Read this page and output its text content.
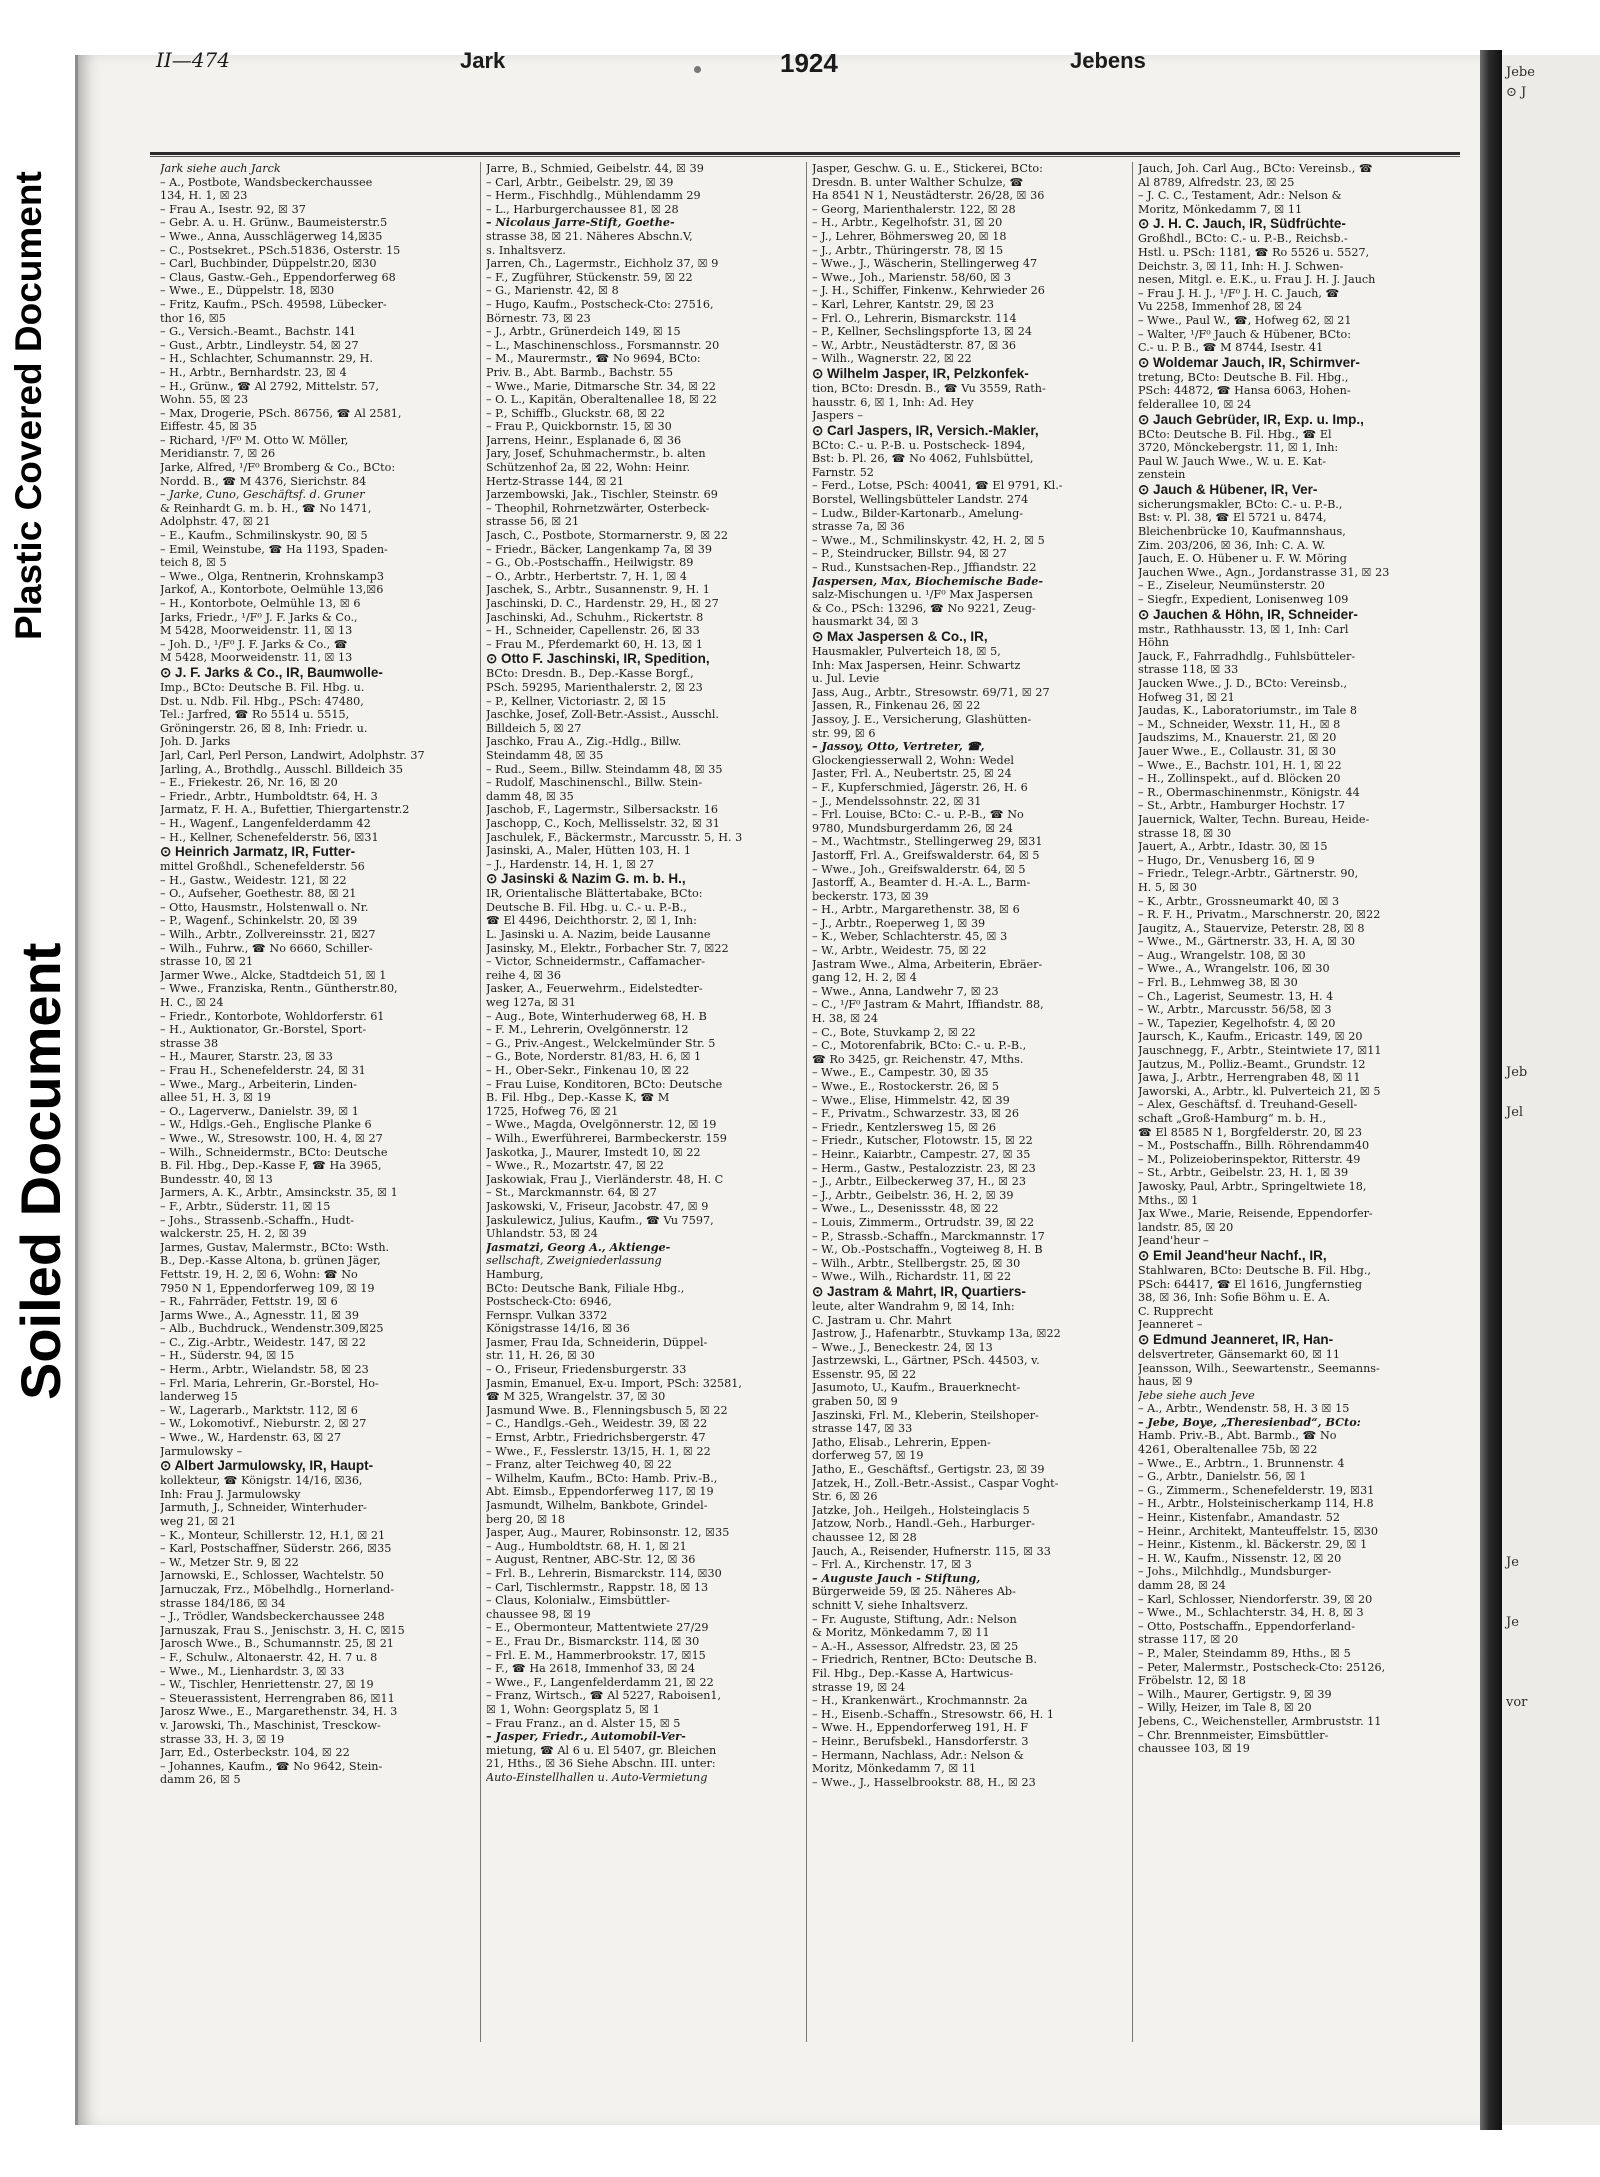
Plastic Covered Document
Soiled Document
Jebe
⊙ J
Jeb
Jel
Je
Je
vor
II—474	Jark	1924	Jebens
Jark siehe auch Jarck
– A., Postbote, Wandsbeckerchaussee
134, H. 1, ☒ 23
– Frau A., Isestr. 92, ☒ 37
– Gebr. A. u. H. Grünw., Baumeisterstr.5
– Wwe., Anna, Ausschlägerweg 14,☒35
– C., Postsekret., PSch.51836, Osterstr. 15
– Carl, Buchbinder, Düppelstr.20, ☒30
– Claus, Gastw.-Geh., Eppendorferweg 68
– Wwe., E., Düppelstr. 18, ☒30
– Fritz, Kaufm., PSch. 49598, Lübecker-
thor 16, ☒5
– G., Versich.-Beamt., Bachstr. 141
– Gust., Arbtr., Lindleystr. 54, ☒ 27
– H., Schlachter, Schumannstr. 29, H.
– H., Arbtr., Bernhardstr. 23, ☒ 4
– H., Grünw., ☎ Al 2792, Mittelstr. 57,
Wohn. 55, ☒ 23
– Max, Drogerie, PSch. 86756, ☎ Al 2581,
Eiffestr. 45, ☒ 35
– Richard, ¹/F⁰ M. Otto W. Möller,
Meridianstr. 7, ☒ 26
Jarke, Alfred, ¹/F⁰ Bromberg & Co., BCto:
Nordd. B., ☎ M 4376, Sierichstr. 84
– Jarke, Cuno, Geschäftsf. d. Gruner
& Reinhardt G. m. b. H., ☎ No 1471,
Adolphstr. 47, ☒ 21
– E., Kaufm., Schmilinskystr. 90, ☒ 5
– Emil, Weinstube, ☎ Ha 1193, Spaden-
teich 8, ☒ 5
– Wwe., Olga, Rentnerin, Krohnskamp3
Jarkof, A., Kontorbote, Oelmühle 13,☒6
– H., Kontorbote, Oelmühle 13, ☒ 6
Jarks, Friedr., ¹/F⁰ J. F. Jarks & Co.,
M 5428, Moorweidenstr. 11, ☒ 13
– Joh. D., ¹/F⁰ J. F. Jarks & Co., ☎
M 5428, Moorweidenstr. 11, ☒ 13
⊙ J. F. Jarks & Co., IR, Baumwolle-
Imp., BCto: Deutsche B. Fil. Hbg. u.
Dst. u. Ndb. Fil. Hbg., PSch: 47480,
Tel.: Jarfred, ☎ Ro 5514 u. 5515,
Gröningerstr. 26, ☒ 8, Inh: Friedr. u.
Joh. D. Jarks
Jarl, Carl, Perl Person, Landwirt, Adolphstr. 37
Jarling, A., Brothdlg., Ausschl. Billdeich 35
– E., Friekestr. 26, Nr. 16, ☒ 20
– Friedr., Arbtr., Humboldtstr. 64, H. 3
Jarmatz, F. H. A., Bufettier, Thiergartenstr.2
– H., Wagenf., Langenfelderdamm 42
– H., Kellner, Schenefelderstr. 56, ☒31
⊙ Heinrich Jarmatz, IR, Futter-
mittel Großhdl., Schenefelderstr. 56
– H., Gastw., Weidestr. 121, ☒ 22
– O., Aufseher, Goethestr. 88, ☒ 21
– Otto, Hausmstr., Holstenwall o. Nr.
– P., Wagenf., Schinkelstr. 20, ☒ 39
– Wilh., Arbtr., Zollvereinsstr. 21, ☒27
– Wilh., Fuhrw., ☎ No 6660, Schiller-
strasse 10, ☒ 21
Jarmer Wwe., Alcke, Stadtdeich 51, ☒ 1
– Wwe., Franziska, Rentn., Güntherstr.80,
H. C., ☒ 24
– Friedr., Kontorbote, Wohldorferstr. 61
– H., Auktionator, Gr.-Borstel, Sport-
strasse 38
– H., Maurer, Starstr. 23, ☒ 33
– Frau H., Schenefelderstr. 24, ☒ 31
– Wwe., Marg., Arbeiterin, Linden-
allee 51, H. 3, ☒ 19
– O., Lagerverw., Danielstr. 39, ☒ 1
– W., Hdlgs.-Geh., Englische Planke 6
– Wwe., W., Stresowstr. 100, H. 4, ☒ 27
– Wilh., Schneidermstr., BCto: Deutsche
B. Fil. Hbg., Dep.-Kasse F, ☎ Ha 3965,
Bundesstr. 40, ☒ 13
Jarmers, A. K., Arbtr., Amsinckstr. 35, ☒ 1
– F., Arbtr., Süderstr. 11, ☒ 15
– Johs., Strassenb.-Schaffn., Hudt-
walckerstr. 25, H. 2, ☒ 39
Jarmes, Gustav, Malermstr., BCto: Wsth.
B., Dep.-Kasse Altona, b. grünen Jäger,
Fettstr. 19, H. 2, ☒ 6, Wohn: ☎ No
7950 N 1, Eppendorferweg 109, ☒ 19
– R., Fahrräder, Fettstr. 19, ☒ 6
Jarms Wwe., A., Agnesstr. 11, ☒ 39
– Alb., Buchdruck., Wendenstr.309,☒25
– C., Zig.-Arbtr., Weidestr. 147, ☒ 22
– H., Süderstr. 94, ☒ 15
– Herm., Arbtr., Wielandstr. 58, ☒ 23
– Frl. Maria, Lehrerin, Gr.-Borstel, Ho-
landerweg 15
– W., Lagerarb., Marktstr. 112, ☒ 6
– W., Lokomotivf., Nieburstr. 2, ☒ 27
– Wwe., W., Hardenstr. 63, ☒ 27
Jarmulowsky –
⊙ Albert Jarmulowsky, IR, Haupt-
kollekteur, ☎ Königstr. 14/16, ☒36,
Inh: Frau J. Jarmulowsky
Jarmuth, J., Schneider, Winterhuder-
weg 21, ☒ 21
– K., Monteur, Schillerstr. 12, H.1, ☒ 21
– Karl, Postschaffner, Süderstr. 266, ☒35
– W., Metzer Str. 9, ☒ 22
Jarnowski, E., Schlosser, Wachtelstr. 50
Jarnuczak, Frz., Möbelhdlg., Hornerland-
strasse 184/186, ☒ 34
– J., Trödler, Wandsbeckerchaussee 248
Jarnuszak, Frau S., Jenischstr. 3, H. C, ☒15
Jarosch Wwe., B., Schumannstr. 25, ☒ 21
– F., Schulw., Altonaerstr. 42, H. 7 u. 8
– Wwe., M., Lienhardstr. 3, ☒ 33
– W., Tischler, Henriettenstr. 27, ☒ 19
– Steuerassistent, Herrengraben 86, ☒11
Jarosz Wwe., E., Margarethenstr. 34, H. 3
v. Jarowski, Th., Maschinist, Tresckow-
strasse 33, H. 3, ☒ 19
Jarr, Ed., Osterbeckstr. 104, ☒ 22
– Johannes, Kaufm., ☎ No 9642, Stein-
damm 26, ☒ 5
Jarre, B., Schmied, Geibelstr. 44, ☒ 39
– Carl, Arbtr., Geibelstr. 29, ☒ 39
– Herm., Fischhdlg., Mühlendamm 29
– L., Harburgerchaussee 81, ☒ 28
– Nicolaus Jarre-Stift, Goethe-
strasse 38, ☒ 21. Näheres Abschn.V,
s. Inhaltsverz.
Jarren, Ch., Lagermstr., Eichholz 37, ☒ 9
– F., Zugführer, Stückenstr. 59, ☒ 22
– G., Marienstr. 42, ☒ 8
– Hugo, Kaufm., Postscheck-Cto: 27516,
Börnestr. 73, ☒ 23
– J., Arbtr., Grünerdeich 149, ☒ 15
– L., Maschinenschloss., Forsmannstr. 20
– M., Maurermstr., ☎ No 9694, BCto:
Priv. B., Abt. Barmb., Bachstr. 55
– Wwe., Marie, Ditmarsche Str. 34, ☒ 22
– O. L., Kapitän, Oberaltenallee 18, ☒ 22
– P., Schiffb., Gluckstr. 68, ☒ 22
– Frau P., Quickbornstr. 15, ☒ 30
Jarrens, Heinr., Esplanade 6, ☒ 36
Jary, Josef, Schuhmachermstr., b. alten
Schützenhof 2a, ☒ 22, Wohn: Heinr.
Hertz-Strasse 144, ☒ 21
Jarzembowski, Jak., Tischler, Steinstr. 69
– Theophil, Rohrnetzwärter, Osterbeck-
strasse 56, ☒ 21
Jasch, C., Postbote, Stormarnerstr. 9, ☒ 22
– Friedr., Bäcker, Langenkamp 7a, ☒ 39
– G., Ob.-Postschaffn., Heilwigstr. 89
– O., Arbtr., Herbertstr. 7, H. 1, ☒ 4
Jaschek, S., Arbtr., Susannenstr. 9, H. 1
Jaschinski, D. C., Hardenstr. 29, H., ☒ 27
Jaschinski, Ad., Schuhm., Rickertstr. 8
– H., Schneider, Capellenstr. 26, ☒ 33
– Frau M., Pferdemarkt 60, H. 13, ☒ 1
⊙ Otto F. Jaschinski, IR, Spedition,
BCto: Dresdn. B., Dep.-Kasse Borgf.,
PSch. 59295, Marienthalerstr. 2, ☒ 23
– P., Kellner, Victoriastr. 2, ☒ 15
Jaschke, Josef, Zoll-Betr.-Assist., Ausschl.
Billdeich 5, ☒ 27
Jaschko, Frau A., Zig.-Hdlg., Billw.
Steindamm 48, ☒ 35
– Rud., Seem., Billw. Steindamm 48, ☒ 35
– Rudolf, Maschinenschl., Billw. Stein-
damm 48, ☒ 35
Jaschob, F., Lagermstr., Silbersackstr. 16
Jaschopp, C., Koch, Mellisselstr. 32, ☒ 31
Jaschulek, F., Bäckermstr., Marcusstr. 5, H. 3
Jasinski, A., Maler, Hütten 103, H. 1
– J., Hardenstr. 14, H. 1, ☒ 27
⊙ Jasinski & Nazim G. m. b. H.,
IR, Orientalische Blättertabake, BCto:
Deutsche B. Fil. Hbg. u. C.- u. P.-B.,
☎ El 4496, Deichthorstr. 2, ☒ 1, Inh:
L. Jasinski u. A. Nazim, beide Lausanne
Jasinsky, M., Elektr., Forbacher Str. 7, ☒22
– Victor, Schneidermstr., Caffamacher-
reihe 4, ☒ 36
Jasker, A., Feuerwehrm., Eidelstedter-
weg 127a, ☒ 31
– Aug., Bote, Winterhuderweg 68, H. B
– F. M., Lehrerin, Ovelgönnerstr. 12
– G., Priv.-Angest., Welckelmünder Str. 5
– G., Bote, Norderstr. 81/83, H. 6, ☒ 1
– H., Ober-Sekr., Finkenau 10, ☒ 22
– Frau Luise, Konditoren, BCto: Deutsche
B. Fil. Hbg., Dep.-Kasse K, ☎ M
1725, Hofweg 76, ☒ 21
– Wwe., Magda, Ovelgönnerstr. 12, ☒ 19
– Wilh., Ewerführerei, Barmbeckerstr. 159
Jaskotka, J., Maurer, Imstedt 10, ☒ 22
– Wwe., R., Mozartstr. 47, ☒ 22
Jaskowiak, Frau J., Vierländerstr. 48, H. C
– St., Marckmannstr. 64, ☒ 27
Jaskowski, V., Friseur, Jacobstr. 47, ☒ 9
Jaskulewicz, Julius, Kaufm., ☎ Vu 7597,
Uhlandstr. 53, ☒ 24
Jasmatzi, Georg A., Aktienge-
sellschaft, Zweigniederlassung
Hamburg,
BCto: Deutsche Bank, Filiale Hbg.,
Postscheck-Cto: 6946,
Fernspr. Vulkan 3372
Königstrasse 14/16, ☒ 36
Jasmer, Frau Ida, Schneiderin, Düppel-
str. 11, H. 26, ☒ 30
– O., Friseur, Friedensburgerstr. 33
Jasmin, Emanuel, Ex-u. Import, PSch: 32581,
☎ M 325, Wrangelstr. 37, ☒ 30
Jasmund Wwe. B., Flenningsbusch 5, ☒ 22
– C., Handlgs.-Geh., Weidestr. 39, ☒ 22
– Ernst, Arbtr., Friedrichsbergerstr. 47
– Wwe., F., Fesslerstr. 13/15, H. 1, ☒ 22
– Franz, alter Teichweg 40, ☒ 22
– Wilhelm, Kaufm., BCto: Hamb. Priv.-B.,
Abt. Eimsb., Eppendorferweg 117, ☒ 19
Jasmundt, Wilhelm, Bankbote, Grindel-
berg 20, ☒ 18
Jasper, Aug., Maurer, Robinsonstr. 12, ☒35
– Aug., Humboldtstr. 68, H. 1, ☒ 21
– August, Rentner, ABC-Str. 12, ☒ 36
– Frl. B., Lehrerin, Bismarckstr. 114, ☒30
– Carl, Tischlermstr., Rappstr. 18, ☒ 13
– Claus, Kolonialw., Eimsbüttler-
chaussee 98, ☒ 19
– E., Obermonteur, Mattentwiete 27/29
– E., Frau Dr., Bismarckstr. 114, ☒ 30
– Frl. E. M., Hammerbrookstr. 17, ☒15
– F., ☎ Ha 2618, Immenhof 33, ☒ 24
– Wwe., F., Langenfelderdamm 21, ☒ 22
– Franz, Wirtsch., ☎ Al 5227, Raboisen1,
☒ 1, Wohn: Georgsplatz 5, ☒ 1
– Frau Franz., an d. Alster 15, ☒ 5
– Jasper, Friedr., Automobil-Ver-
mietung, ☎ Al 6 u. El 5407, gr. Bleichen
21, Hths., ☒ 36 Siehe Abschn. III. unter:
Auto-Einstellhallen u. Auto-Vermietung
Jasper, Geschw. G. u. E., Stickerei, BCto:
Dresdn. B. unter Walther Schulze, ☎
Ha 8541 N 1, Neustädterstr. 26/28, ☒ 36
– Georg, Marienthalerstr. 122, ☒ 28
– H., Arbtr., Kegelhofstr. 31, ☒ 20
– J., Lehrer, Böhmersweg 20, ☒ 18
– J., Arbtr., Thüringerstr. 78, ☒ 15
– Wwe., J., Wäscherin, Stellingerweg 47
– Wwe., Joh., Marienstr. 58/60, ☒ 3
– J. H., Schiffer, Finkenw., Kehrwieder 26
– Karl, Lehrer, Kantstr. 29, ☒ 23
– Frl. O., Lehrerin, Bismarckstr. 114
– P., Kellner, Sechslingspforte 13, ☒ 24
– W., Arbtr., Neustädterstr. 87, ☒ 36
– Wilh., Wagnerstr. 22, ☒ 22
⊙ Wilhelm Jasper, IR, Pelzkonfek-
tion, BCto: Dresdn. B., ☎ Vu 3559, Rath-
hausstr. 6, ☒ 1, Inh: Ad. Hey
Jaspers –
⊙ Carl Jaspers, IR, Versich.-Makler,
BCto: C.- u. P.-B. u. Postscheck- 1894,
Bst: b. Pl. 26, ☎ No 4062, Fuhlsbüttel,
Farnstr. 52
– Ferd., Lotse, PSch: 40041, ☎ El 9791, Kl.-
Borstel, Wellingsbütteler Landstr. 274
– Ludw., Bilder-Kartonarb., Amelung-
strasse 7a, ☒ 36
– Wwe., M., Schmilinskystr. 42, H. 2, ☒ 5
– P., Steindrucker, Billstr. 94, ☒ 27
– Rud., Kunstsachen-Rep., Jffiandstr. 22
Jaspersen, Max, Biochemische Bade-
salz-Mischungen u. ¹/F⁰ Max Jaspersen
& Co., PSch: 13296, ☎ No 9221, Zeug-
hausmarkt 34, ☒ 3
⊙ Max Jaspersen & Co., IR,
Hausmakler, Pulverteich 18, ☒ 5,
Inh: Max Jaspersen, Heinr. Schwartz
u. Jul. Levie
Jass, Aug., Arbtr., Stresowstr. 69/71, ☒ 27
Jassen, R., Finkenau 26, ☒ 22
Jassoy, J. E., Versicherung, Glashütten-
str. 99, ☒ 6
– Jassoy, Otto, Vertreter, ☎,
Glockengiesserwall 2, Wohn: Wedel
Jaster, Frl. A., Neubertstr. 25, ☒ 24
– F., Kupferschmied, Jägerstr. 26, H. 6
– J., Mendelssohnstr. 22, ☒ 31
– Frl. Louise, BCto: C.- u. P.-B., ☎ No
9780, Mundsburgerdamm 26, ☒ 24
– M., Wachtmstr., Stellingerweg 29, ☒31
Jastorff, Frl. A., Greifswalderstr. 64, ☒ 5
– Wwe., Joh., Greifswalderstr. 64, ☒ 5
Jastorff, A., Beamter d. H.-A. L., Barm-
beckerstr. 173, ☒ 39
– H., Arbtr., Margarethenstr. 38, ☒ 6
– J., Arbtr., Roeperweg 1, ☒ 39
– K., Weber, Schlachterstr. 45, ☒ 3
– W., Arbtr., Weidestr. 75, ☒ 22
Jastram Wwe., Alma, Arbeiterin, Ebräer-
gang 12, H. 2, ☒ 4
– Wwe., Anna, Landwehr 7, ☒ 23
– C., ¹/F⁰ Jastram & Mahrt, Iffiandstr. 88,
H. 38, ☒ 24
– C., Bote, Stuvkamp 2, ☒ 22
– C., Motorenfabrik, BCto: C.- u. P.-B.,
☎ Ro 3425, gr. Reichenstr. 47, Mths.
– Wwe., E., Campestr. 30, ☒ 35
– Wwe., E., Rostockerstr. 26, ☒ 5
– Wwe., Elise, Himmelstr. 42, ☒ 39
– F., Privatm., Schwarzestr. 33, ☒ 26
– Friedr., Kentzlersweg 15, ☒ 26
– Friedr., Kutscher, Flotowstr. 15, ☒ 22
– Heinr., Kaiarbtr., Campestr. 27, ☒ 35
– Herm., Gastw., Pestalozzistr. 23, ☒ 23
– J., Arbtr., Eilbeckerweg 37, H., ☒ 23
– J., Arbtr., Geibelstr. 36, H. 2, ☒ 39
– Wwe., L., Desenissstr. 48, ☒ 22
– Louis, Zimmerm., Ortrudstr. 39, ☒ 22
– P., Strassb.-Schaffn., Marckmannstr. 17
– W., Ob.-Postschaffn., Vogteiweg 8, H. B
– Wilh., Arbtr., Stellbergstr. 25, ☒ 30
– Wwe., Wilh., Richardstr. 11, ☒ 22
⊙ Jastram & Mahrt, IR, Quartiers-
leute, alter Wandrahm 9, ☒ 14, Inh:
C. Jastram u. Chr. Mahrt
Jastrow, J., Hafenarbtr., Stuvkamp 13a, ☒22
– Wwe., J., Beneckestr. 24, ☒ 13
Jastrzewski, L., Gärtner, PSch. 44503, v.
Essenstr. 95, ☒ 22
Jasumoto, U., Kaufm., Brauerknecht-
graben 50, ☒ 9
Jaszinski, Frl. M., Kleberin, Steilshoper-
strasse 147, ☒ 33
Jatho, Elisab., Lehrerin, Eppen-
dorferweg 57, ☒ 19
Jatho, E., Geschäftsf., Gertigstr. 23, ☒ 39
Jatzek, H., Zoll.-Betr.-Assist., Caspar Voght-
Str. 6, ☒ 26
Jatzke, Joh., Heilgeh., Holsteinglacis 5
Jatzow, Norb., Handl.-Geh., Harburger-
chaussee 12, ☒ 28
Jauch, A., Reisender, Hufnerstr. 115, ☒ 33
– Frl. A., Kirchenstr. 17, ☒ 3
– Auguste Jauch - Stiftung,
Bürgerweide 59, ☒ 25. Näheres Ab-
schnitt V, siehe Inhaltsverz.
– Fr. Auguste, Stiftung, Adr.: Nelson
& Moritz, Mönkedamm 7, ☒ 11
– A.-H., Assessor, Alfredstr. 23, ☒ 25
– Friedrich, Rentner, BCto: Deutsche B.
Fil. Hbg., Dep.-Kasse A, Hartwicus-
strasse 19, ☒ 24
– H., Krankenwärt., Krochmannstr. 2a
– H., Eisenb.-Schaffn., Stresowstr. 66, H. 1
– Wwe. H., Eppendorferweg 191, H. F
– Heinr., Berufsbekl., Hansdorferstr. 3
– Hermann, Nachlass, Adr.: Nelson &
Moritz, Mönkedamm 7, ☒ 11
– Wwe., J., Hasselbrookstr. 88, H., ☒ 23
Jauch, Joh. Carl Aug., BCto: Vereinsb., ☎
Al 8789, Alfredstr. 23, ☒ 25
– J. C. C., Testament, Adr.: Nelson &
Moritz, Mönkedamm 7, ☒ 11
⊙ J. H. C. Jauch, IR, Südfrüchte-
Großhdl., BCto: C.- u. P.-B., Reichsb.-
Hstl. u. PSch: 1181, ☎ Ro 5526 u. 5527,
Deichstr. 3, ☒ 11, Inh: H. J. Schwen-
nesen, Mitgl. e. E.K., u. Frau J. H. J. Jauch
– Frau J. H. J., ¹/F⁰ J. H. C. Jauch, ☎
Vu 2258, Immenhof 28, ☒ 24
– Wwe., Paul W., ☎, Hofweg 62, ☒ 21
– Walter, ¹/F⁰ Jauch & Hübener, BCto:
C.- u. P. B., ☎ M 8744, Isestr. 41
⊙ Woldemar Jauch, IR, Schirmver-
tretung, BCto: Deutsche B. Fil. Hbg.,
PSch: 44872, ☎ Hansa 6063, Hohen-
felderallee 10, ☒ 24
⊙ Jauch Gebrüder, IR, Exp. u. Imp.,
BCto: Deutsche B. Fil. Hbg., ☎ El
3720, Mönckebergstr. 11, ☒ 1, Inh:
Paul W. Jauch Wwe., W. u. E. Kat-
zenstein
⊙ Jauch & Hübener, IR, Ver-
sicherungsmakler, BCto: C.- u. P.-B.,
Bst: v. Pl. 38, ☎ El 5721 u. 8474,
Bleichenbrücke 10, Kaufmannshaus,
Zim. 203/206, ☒ 36, Inh: C. A. W.
Jauch, E. O. Hübener u. F. W. Möring
Jauchen Wwe., Agn., Jordanstrasse 31, ☒ 23
– E., Ziseleur, Neumünsterstr. 20
– Siegfr., Expedient, Lonisenweg 109
⊙ Jauchen & Höhn, IR, Schneider-
mstr., Rathhausstr. 13, ☒ 1, Inh: Carl
Höhn
Jauck, F., Fahrradhdlg., Fuhlsbütteler-
strasse 118, ☒ 33
Jaucken Wwe., J. D., BCto: Vereinsb.,
Hofweg 31, ☒ 21
Jaudas, K., Laboratoriumstr., im Tale 8
– M., Schneider, Wexstr. 11, H., ☒ 8
Jaudszims, M., Knauerstr. 21, ☒ 20
Jauer Wwe., E., Collaustr. 31, ☒ 30
– Wwe., E., Bachstr. 101, H. 1, ☒ 22
– H., Zollinspekt., auf d. Blöcken 20
– R., Obermaschinenmstr., Königstr. 44
– St., Arbtr., Hamburger Hochstr. 17
Jauernick, Walter, Techn. Bureau, Heide-
strasse 18, ☒ 30
Jauert, A., Arbtr., Idastr. 30, ☒ 15
– Hugo, Dr., Venusberg 16, ☒ 9
– Friedr., Telegr.-Arbtr., Gärtnerstr. 90,
H. 5, ☒ 30
– K., Arbtr., Grossneumarkt 40, ☒ 3
– R. F. H., Privatm., Marschnerstr. 20, ☒22
Jaugitz, A., Stauervize, Peterstr. 28, ☒ 8
– Wwe., M., Gärtnerstr. 33, H. A, ☒ 30
– Aug., Wrangelstr. 108, ☒ 30
– Wwe., A., Wrangelstr. 106, ☒ 30
– Frl. B., Lehmweg 38, ☒ 30
– Ch., Lagerist, Seumestr. 13, H. 4
– W., Arbtr., Marcusstr. 56/58, ☒ 3
– W., Tapezier, Kegelhofstr. 4, ☒ 20
Jaursch, K., Kaufm., Ericastr. 149, ☒ 20
Jauschnegg, F., Arbtr., Steintwiete 17, ☒11
Jautzus, M., Polliz.-Beamt., Grundstr. 12
Jawa, J., Arbtr., Herrengraben 48, ☒ 11
Jaworski, A., Arbtr., kl. Pulverteich 21, ☒ 5
– Alex, Geschäftsf. d. Treuhand-Gesell-
schaft „Groß-Hamburg“ m. b. H.,
☎ El 8585 N 1, Borgfelderstr. 20, ☒ 23
– M., Postschaffn., Billh. Röhrendamm40
– M., Polizeioberinspektor, Ritterstr. 49
– St., Arbtr., Geibelstr. 23, H. 1, ☒ 39
Jawosky, Paul, Arbtr., Springeltwiete 18,
Mths., ☒ 1
Jax Wwe., Marie, Reisende, Eppendorfer-
landstr. 85, ☒ 20
Jeand'heur –
⊙ Emil Jeand'heur Nachf., IR,
Stahlwaren, BCto: Deutsche B. Fil. Hbg.,
PSch: 64417, ☎ El 1616, Jungfernstieg
38, ☒ 36, Inh: Sofie Böhm u. E. A.
C. Rupprecht
Jeanneret –
⊙ Edmund Jeanneret, IR, Han-
delsvertreter, Gänsemarkt 60, ☒ 11
Jeansson, Wilh., Seewartenstr., Seemanns-
haus, ☒ 9
Jebe siehe auch Jeve
– A., Arbtr., Wendenstr. 58, H. 3 ☒ 15
– Jebe, Boye, „Theresienbad“, BCto:
Hamb. Priv.-B., Abt. Barmb., ☎ No
4261, Oberaltenallee 75b, ☒ 22
– Wwe., E., Arbtrn., 1. Brunnenstr. 4
– G., Arbtr., Danielstr. 56, ☒ 1
– G., Zimmerm., Schenefelderstr. 19, ☒31
– H., Arbtr., Holsteinischerkamp 114, H.8
– Heinr., Kistenfabr., Amandastr. 52
– Heinr., Architekt, Manteuffelstr. 15, ☒30
– Heinr., Kistenm., kl. Bäckerstr. 29, ☒ 1
– H. W., Kaufm., Nissenstr. 12, ☒ 20
– Johs., Milchhdlg., Mundsburger-
damm 28, ☒ 24
– Karl, Schlosser, Niendorferstr. 39, ☒ 20
– Wwe., M., Schlachterstr. 34, H. 8, ☒ 3
– Otto, Postschaffn., Eppendorferland-
strasse 117, ☒ 20
– P., Maler, Steindamm 89, Hths., ☒ 5
– Peter, Malermstr., Postscheck-Cto: 25126,
Fröbelstr. 12, ☒ 18
– Wilh., Maurer, Gertigstr. 9, ☒ 39
– Willy, Heizer, im Tale 8, ☒ 20
Jebens, C., Weichensteller, Armbruststr. 11
– Chr. Brennmeister, Eimsbüttler-
chaussee 103, ☒ 19
